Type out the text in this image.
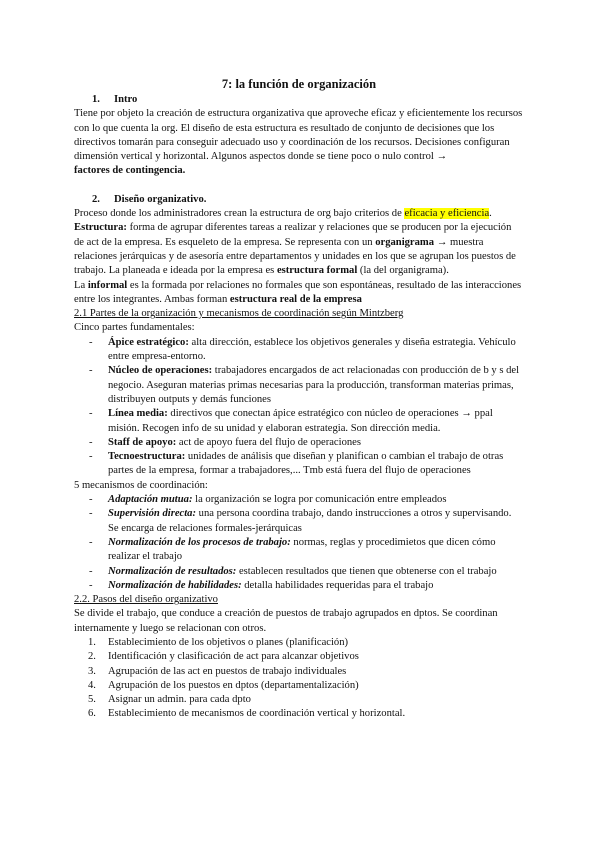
7: la función de organización

1. Intro

Tiene por objeto la creación de estructura organizativa que aproveche eficaz y eficientemente los recursos con lo que cuenta la org. El diseño de esta estructura es resultado de conjunto de decisiones que los directivos tomarán para conseguir adecuado uso y coordinación de los recursos. Decisiones configuran dimensión vertical y horizontal. Algunos aspectos donde se tiene poco o nulo control →
factores de contingencia.

2. Diseño organizativo.

Proceso donde los administradores crean la estructura de org bajo criterios de eficacia y eficiencia.

Estructura: forma de agrupar diferentes tareas a realizar y relaciones que se producen por la ejecución de act de la empresa. Es esqueleto de la empresa. Se representa con un organigrama → muestra relaciones jerárquicas y de asesoría entre departamentos y unidades en los que se agrupan los puestos de trabajo. La planeada e ideada por la empresa es estructura formal (la del organigrama).

La informal es la formada por relaciones no formales que son espontáneas, resultado de las interacciones entre los integrantes. Ambas forman estructura real de la empresa

2.1 Partes de la organización y mecanismos de coordinación según Mintzberg

Cinco partes fundamentales:

- Ápice estratégico: alta dirección, establece los objetivos generales y diseña estrategia. Vehículo entre empresa-entorno.
- Núcleo de operaciones: trabajadores encargados de act relacionadas con producción de b y s del negocio. Aseguran materias primas necesarias para la producción, transforman materias primas, distribuyen outputs y demás funciones
- Línea media: directivos que conectan ápice estratégico con núcleo de operaciones → ppal misión. Recogen info de su unidad y elaboran estrategia. Son dirección media.
- Staff de apoyo: act de apoyo fuera del flujo de operaciones
- Tecnoestructura: unidades de análisis que diseñan y planifican o cambian el trabajo de otras partes de la empresa, formar a trabajadores,... Tmb está fuera del flujo de operaciones

5 mecanismos de coordinación:

- Adaptación mutua: la organización se logra por comunicación entre empleados
- Supervisión directa: una persona coordina trabajo, dando instrucciones a otros y supervisando. Se encarga de relaciones formales-jerárquicas
- Normalización de los procesos de trabajo: normas, reglas y procedimietos que dicen cómo realizar el trabajo
- Normalización de resultados: establecen resultados que tienen que obtenerse con el trabajo
- Normalización de habilidades: detalla habilidades requeridas para el trabajo

2.2. Pasos del diseño organizativo

Se divide el trabajo, que conduce a creación de puestos de trabajo agrupados en dptos. Se coordinan internamente y luego se relacionan con otros.

1. Establecimiento de los objetivos o planes (planificación)
2. Identificación y clasificación de act para alcanzar objetivos
3. Agrupación de las act en puestos de trabajo individuales
4. Agrupación de los puestos en dptos (departamentalización)
5. Asignar un admin. para cada dpto
6. Establecimiento de mecanismos de coordinación vertical y horizontal.
